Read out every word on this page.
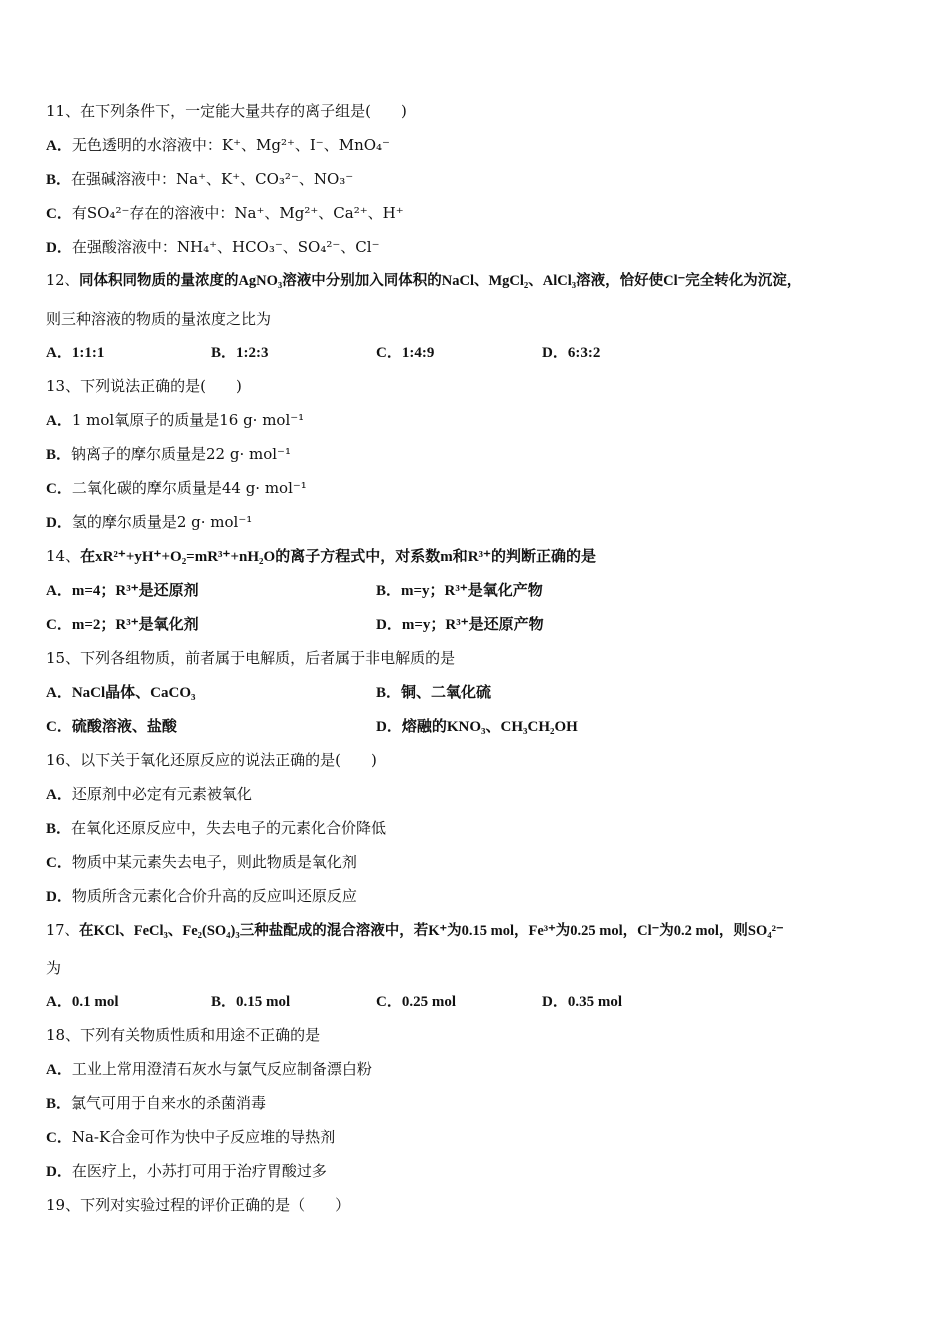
11、在下列条件下，一定能大量共存的离子组是(　　)
A．无色透明的水溶液中：K⁺、Mg²⁺、I⁻、MnO₄⁻
B．在强碱溶液中：Na⁺、K⁺、CO₃²⁻、NO₃⁻
C．有SO₄²⁻存在的溶液中：Na⁺、Mg²⁺、Ca²⁺、H⁺
D．在强酸溶液中：NH₄⁺、HCO₃⁻、SO₄²⁻、Cl⁻
12、同体积同物质的量浓度的AgNO₃溶液中分别加入同体积的NaCl、MgCl₂、AlCl₃溶液，恰好使Cl⁻完全转化为沉淀，
则三种溶液的物质的量浓度之比为
A．1:1:1	B．1:2:3	C．1:4:9	D．6:3:2
13、下列说法正确的是(　　)
A．1 mol氧原子的质量是16 g· mol⁻¹
B．钠离子的摩尔质量是22 g· mol⁻¹
C．二氧化碳的摩尔质量是44 g· mol⁻¹
D．氢的摩尔质量是2 g· mol⁻¹
14、在xR²⁺+yH⁺+O₂=mR³⁺+nH₂O的离子方程式中，对系数m和R³⁺的判断正确的是
A．m=4；R³⁺是还原剂	B．m=y；R³⁺是氧化产物
C．m=2；R³⁺是氧化剂	D．m=y；R³⁺是还原产物
15、下列各组物质，前者属于电解质，后者属于非电解质的是
A．NaCl晶体、CaCO₃	B．铜、二氧化硫
C．硫酸溶液、盐酸	D．熔融的KNO₃、CH₃CH₂OH
16、以下关于氧化还原反应的说法正确的是(　　)
A．还原剂中必定有元素被氧化
B．在氧化还原反应中，失去电子的元素化合价降低
C．物质中某元素失去电子，则此物质是氧化剂
D．物质所含元素化合价升高的反应叫还原反应
17、在KCl、FeCl₃、Fe₂(SO₄)₃三种盐配成的混合溶液中，若K⁺为0.15 mol，Fe³⁺为0.25 mol，Cl⁻为0.2 mol，则SO₄²⁻
为
A．0.1 mol	B．0.15 mol	C．0.25 mol	D．0.35 mol
18、下列有关物质性质和用途不正确的是
A．工业上常用澄清石灰水与氯气反应制备漂白粉
B．氯气可用于自来水的杀菌消毒
C．Na-K合金可作为快中子反应堆的导热剂
D．在医疗上，小苏打可用于治疗胃酸过多
19、下列对实验过程的评价正确的是（　　）
